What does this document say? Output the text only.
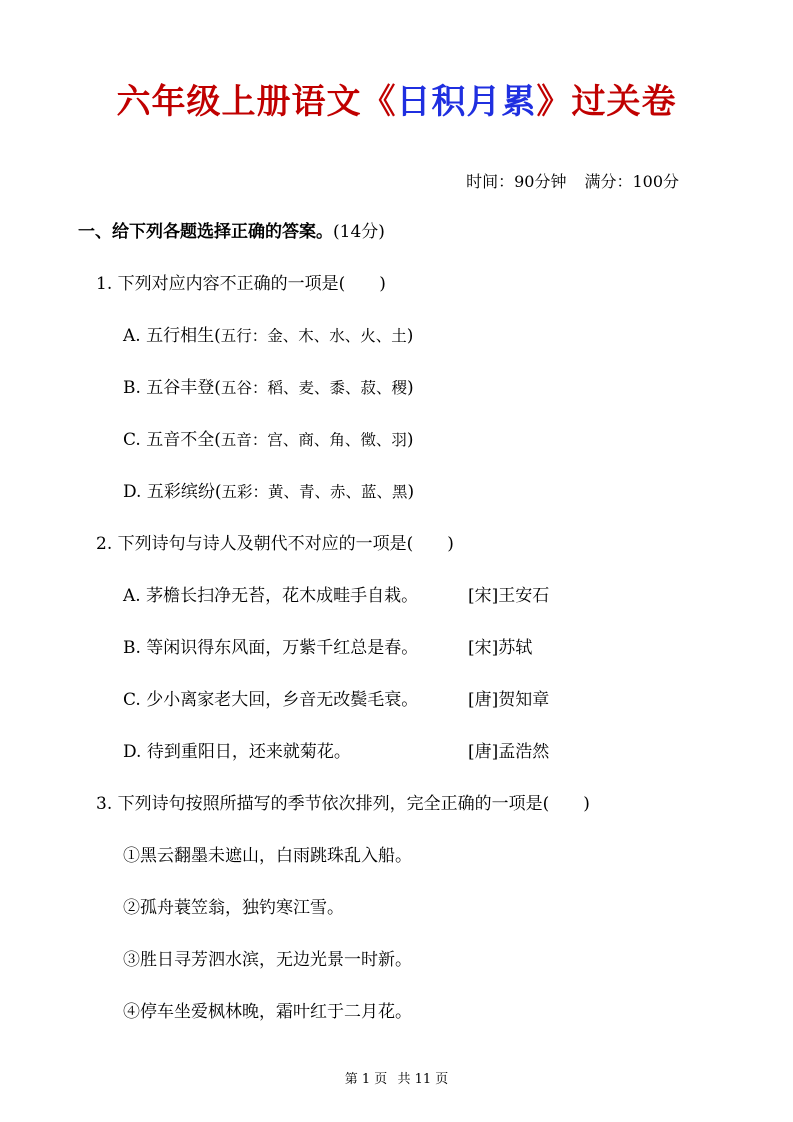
六年级上册语文《日积月累》过关卷
时间：90分钟 满分：100分
一、给下列各题选择正确的答案。(14分)
1. 下列对应内容不正确的一项是(　　)
A. 五行相生(五行：金、木、水、火、土)
B. 五谷丰登(五谷：稻、麦、黍、菽、稷)
C. 五音不全(五音：宫、商、角、徵、羽)
D. 五彩缤纷(五彩：黄、青、赤、蓝、黑)
2. 下列诗句与诗人及朝代不对应的一项是(　　)
A. 茅檐长扫净无苔，花木成畦手自栽。	[宋]王安石
B. 等闲识得东风面，万紫千红总是春。	[宋]苏轼
C. 少小离家老大回，乡音无改鬓毛衰。	[唐]贺知章
D. 待到重阳日，还来就菊花。	[唐]孟浩然
3. 下列诗句按照所描写的季节依次排列，完全正确的一项是(　　)
①黑云翻墨未遮山，白雨跳珠乱入船。
②孤舟蓑笠翁，独钓寒江雪。
③胜日寻芳泗水滨，无边光景一时新。
④停车坐爱枫林晚，霜叶红于二月花。
第 1 页 共 11 页
